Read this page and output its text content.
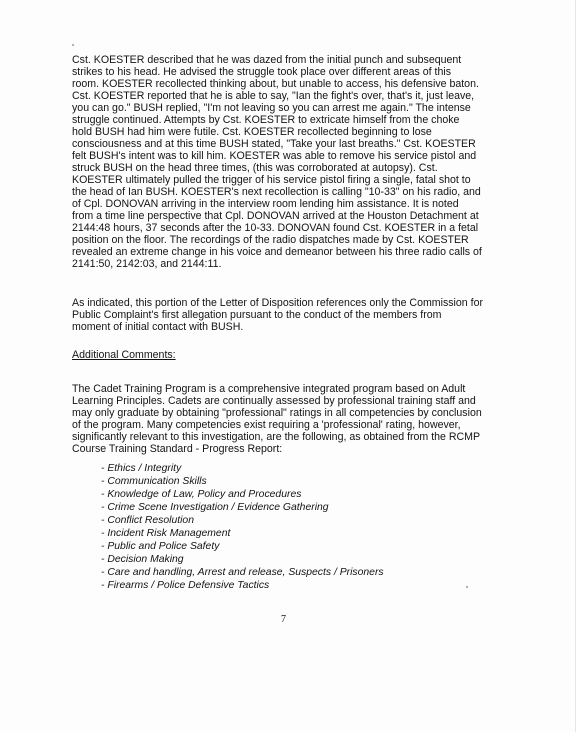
Cst. KOESTER described that he was dazed from the initial punch and subsequent
strikes to his head. He advised the struggle took place over different areas of this
room. KOESTER recollected thinking about, but unable to access, his defensive baton.
Cst. KOESTER reported that he is able to say, "Ian the fight's over, that's it, just leave,
you can go." BUSH replied, "I'm not leaving so you can arrest me again." The intense
struggle continued. Attempts by Cst. KOESTER to extricate himself from the choke
hold BUSH had him were futile. Cst. KOESTER recollected beginning to lose
consciousness and at this time BUSH stated, "Take your last breaths." Cst. KOESTER
felt BUSH's intent was to kill him. KOESTER was able to remove his service pistol and
struck BUSH on the head three times, (this was corroborated at autopsy). Cst.
KOESTER ultimately pulled the trigger of his service pistol firing a single, fatal shot to
the head of Ian BUSH. KOESTER's next recollection is calling "10-33" on his radio, and
of Cpl. DONOVAN arriving in the interview room lending him assistance. It is noted
from a time line perspective that Cpl. DONOVAN arrived at the Houston Detachment at
2144:48 hours, 37 seconds after the 10-33. DONOVAN found Cst. KOESTER in a fetal
position on the floor. The recordings of the radio dispatches made by Cst. KOESTER
revealed an extreme change in his voice and demeanor between his three radio calls of
2141:50, 2142:03, and 2144:11.

As indicated, this portion of the Letter of Disposition references only the Commission for
Public Complaint's first allegation pursuant to the conduct of the members from
moment of initial contact with BUSH.

Additional Comments:

The Cadet Training Program is a comprehensive integrated program based on Adult
Learning Principles. Cadets are continually assessed by professional training staff and
may only graduate by obtaining "professional" ratings in all competencies by conclusion
of the program. Many competencies exist requiring a 'professional' rating, however,
significantly relevant to this investigation, are the following, as obtained from the RCMP
Course Training Standard - Progress Report:

- Ethics / Integrity
- Communication Skills
- Knowledge of Law, Policy and Procedures
- Crime Scene Investigation / Evidence Gathering
- Conflict Resolution
- Incident Risk Management
- Public and Police Safety
- Decision Making
- Care and handling, Arrest and release, Suspects / Prisoners
- Firearms / Police Defensive Tactics
7
